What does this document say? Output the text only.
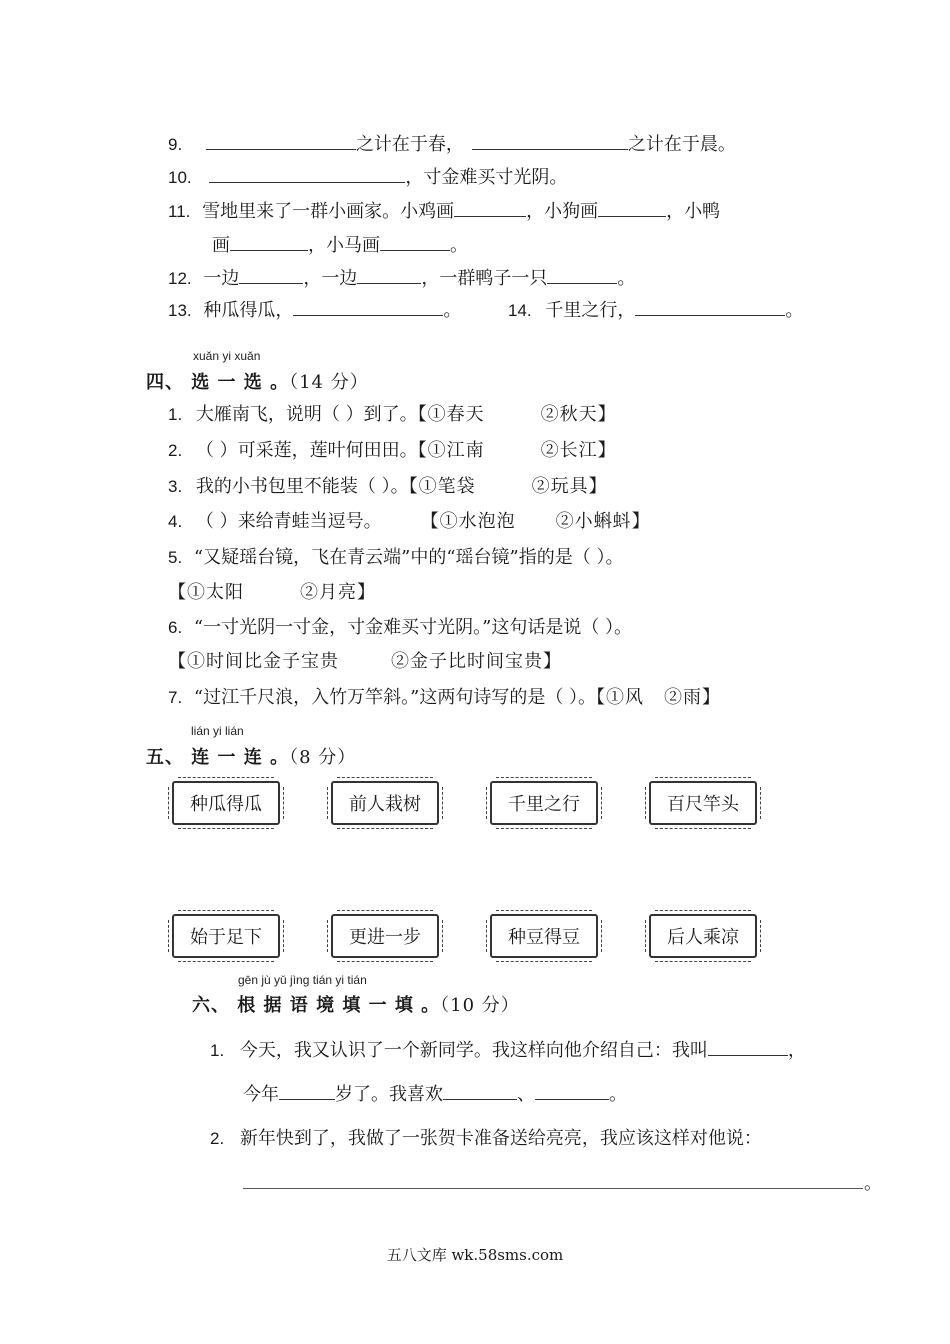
9.	之计在于春，	之计在于晨。
10.	，寸金难买寸光阴。
11. 雪地里来了一群小画家。小鸡画	，小狗画	，小鸭
画	，小马画	。
12. 一边	，一边	，一群鸭子一只	。
13. 种瓜得瓜，	。	14. 千里之行，	。
xuǎn yi xuǎn
四、 选 一 选 。（14 分）
1. 大雁南飞，说明（ ）到了。【①春天	②秋天】
2. （ ）可采莲，莲叶何田田。【①江南	②长江】
3. 我的小书包里不能装（ ）。【①笔袋	②玩具】
4. （ ）来给青蛙当逗号。	【①水泡泡 ②小蝌蚪】
5. “又疑瑶台镜，飞在青云端”中的“瑶台镜”指的是（ ）。
【①太阳	②月亮】
6. “一寸光阴一寸金，寸金难买寸光阴。”这句话是说（ ）。
【①时间比金子宝贵	②金子比时间宝贵】
7. “过江千尺浪，入竹万竿斜。”这两句诗写的是（ ）。【①风 ②雨】
lián yi lián
五、 连 一 连 。（8 分）
种瓜得瓜	前人栽树	千里之行	百尺竿头
始于足下	更进一步	种豆得豆	后人乘凉
gēn jù yǔ jìng tián yi tián
六、 根 据 语 境 填 一 填 。（10 分）
1. 今天，我又认识了一个新同学。我这样向他介绍自己：我叫	，
今年	岁了。我喜欢	、	。
2. 新年快到了，我做了一张贺卡准备送给亮亮，我应该这样对他说：
。
五八文库 wk.58sms.com
